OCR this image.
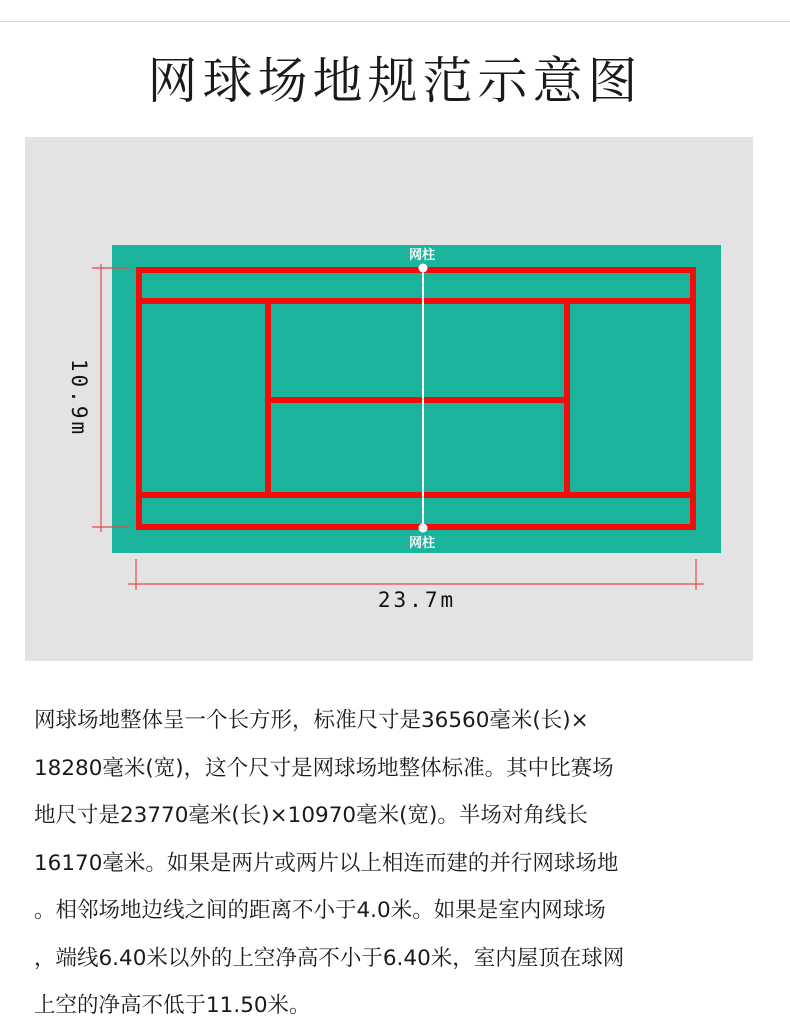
网球场地规范示意图
网柱
网柱
10.9m
23.7m
网球场地整体呈一个长方形，标准尺寸是36560毫米(长)×
18280毫米(宽)，这个尺寸是网球场地整体标准。其中比赛场
地尺寸是23770毫米(长)×10970毫米(宽)。半场对角线长
16170毫米。如果是两片或两片以上相连而建的并行网球场地
。相邻场地边线之间的距离不小于4.0米。如果是室内网球场
，端线6.40米以外的上空净高不小于6.40米，室内屋顶在球网
上空的净高不低于11.50米。
